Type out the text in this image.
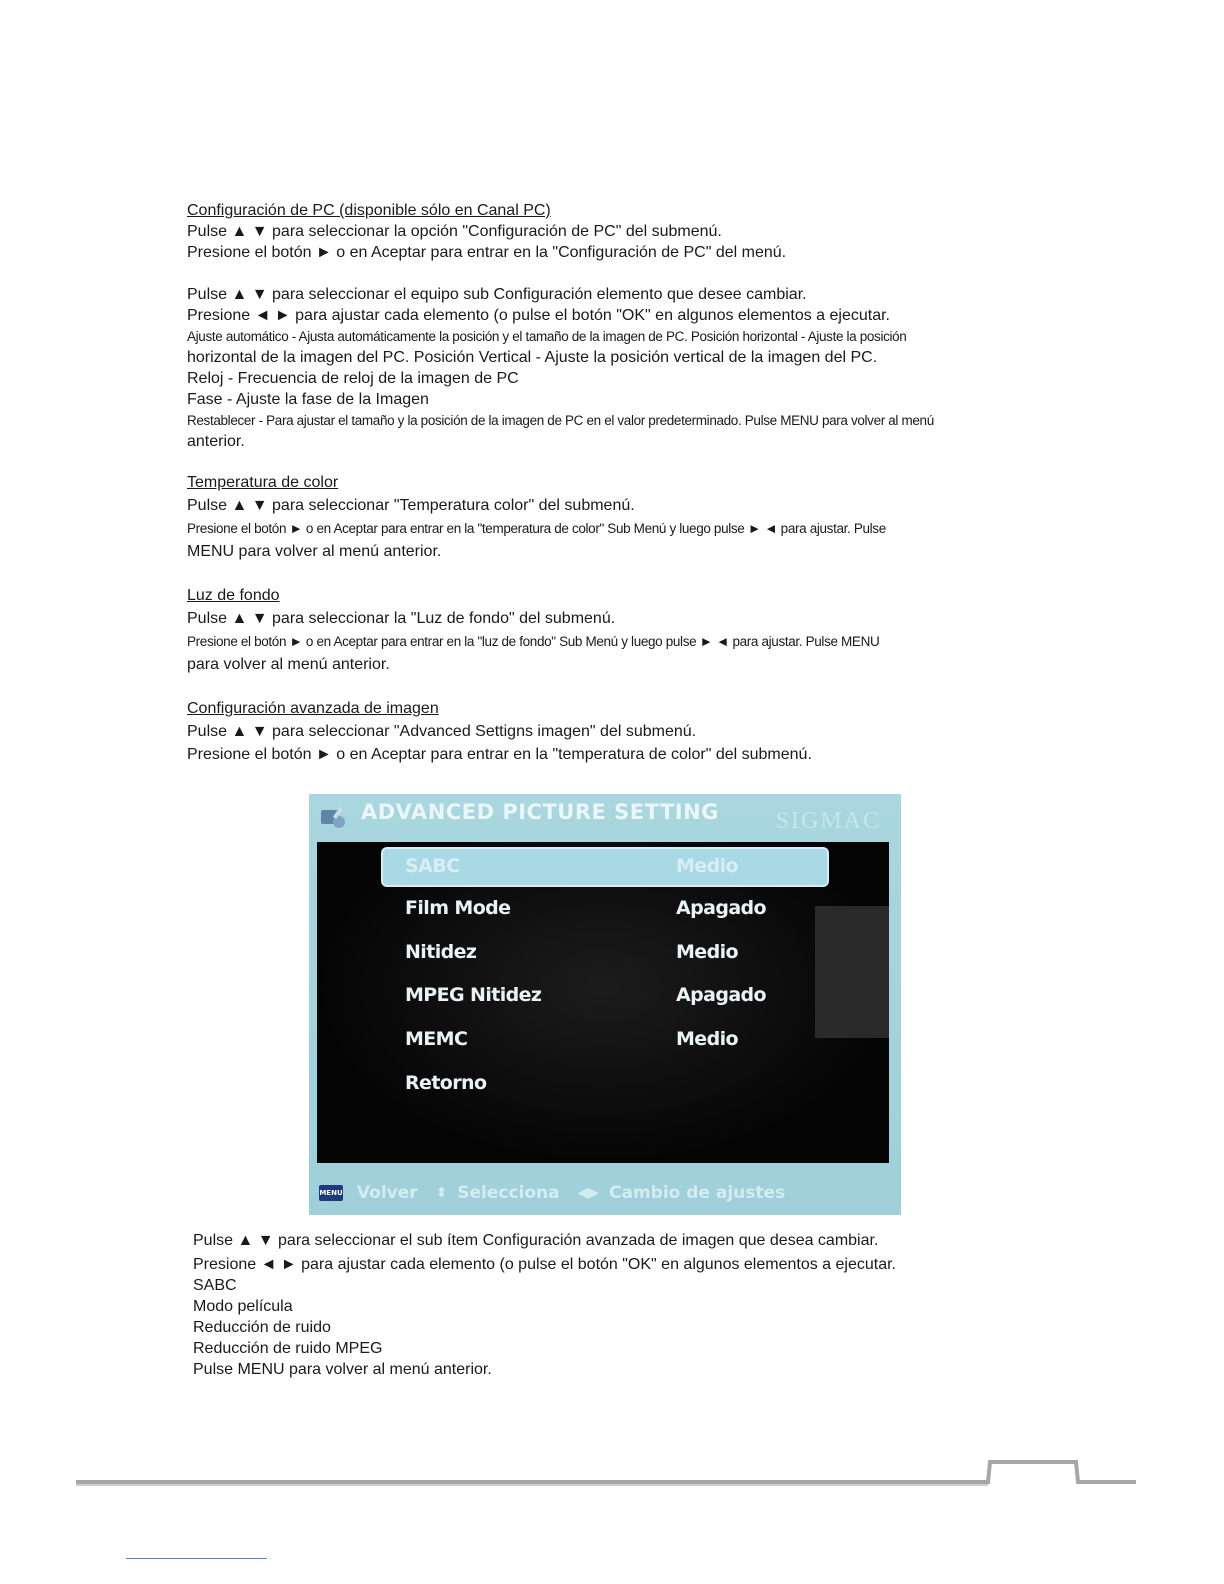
Configuración de PC (disponible sólo en Canal PC)
Pulse ▲ ▼ para seleccionar la opción "Configuración de PC" del submenú.
Presione el botón ► o en Aceptar para entrar en la "Configuración de PC" del menú.
Pulse ▲ ▼ para seleccionar el equipo sub Configuración elemento que desee cambiar.
Presione ◄ ► para ajustar cada elemento (o pulse el botón "OK" en algunos elementos a ejecutar.
Ajuste automático - Ajusta automáticamente la posición y el tamaño de la imagen de PC. Posición horizontal - Ajuste la posición
horizontal de la imagen del PC. Posición Vertical - Ajuste la posición vertical de la imagen del PC.
Reloj - Frecuencia de reloj de la imagen de PC
Fase - Ajuste la fase de la Imagen
Restablecer - Para ajustar el tamaño y la posición de la imagen de PC en el valor predeterminado. Pulse MENU para volver al menú
anterior.
Temperatura de color
Pulse ▲ ▼ para seleccionar "Temperatura color" del submenú.
Presione el botón ► o en Aceptar para entrar en la "temperatura de color" Sub Menú y luego pulse ► ◄ para ajustar. Pulse
MENU para volver al menú anterior.
Luz de fondo
Pulse ▲ ▼ para seleccionar la "Luz de fondo" del submenú.
Presione el botón ► o en Aceptar para entrar en la "luz de fondo" Sub Menú y luego pulse ► ◄ para ajustar. Pulse MENU
para volver al menú anterior.
Configuración avanzada de imagen
Pulse ▲ ▼ para seleccionar "Advanced Settigns imagen" del submenú.
Presione el botón ► o en Aceptar para entrar en la "temperatura de color" del submenú.
ADVANCED PICTURE SETTING SIGMAC
SABC	Medio
Film Mode	Apagado
Nitidez	Medio
MPEG Nitidez	Apagado
MEMC	Medio
Retorno
MENU Volver ⬍ Selecciona ◀▶ Cambio de ajustes
Pulse ▲ ▼ para seleccionar el sub ítem Configuración avanzada de imagen que desea cambiar.
Presione ◄ ► para ajustar cada elemento (o pulse el botón "OK" en algunos elementos a ejecutar.
SABC
Modo película
Reducción de ruido
Reducción de ruido MPEG
Pulse MENU para volver al menú anterior.
